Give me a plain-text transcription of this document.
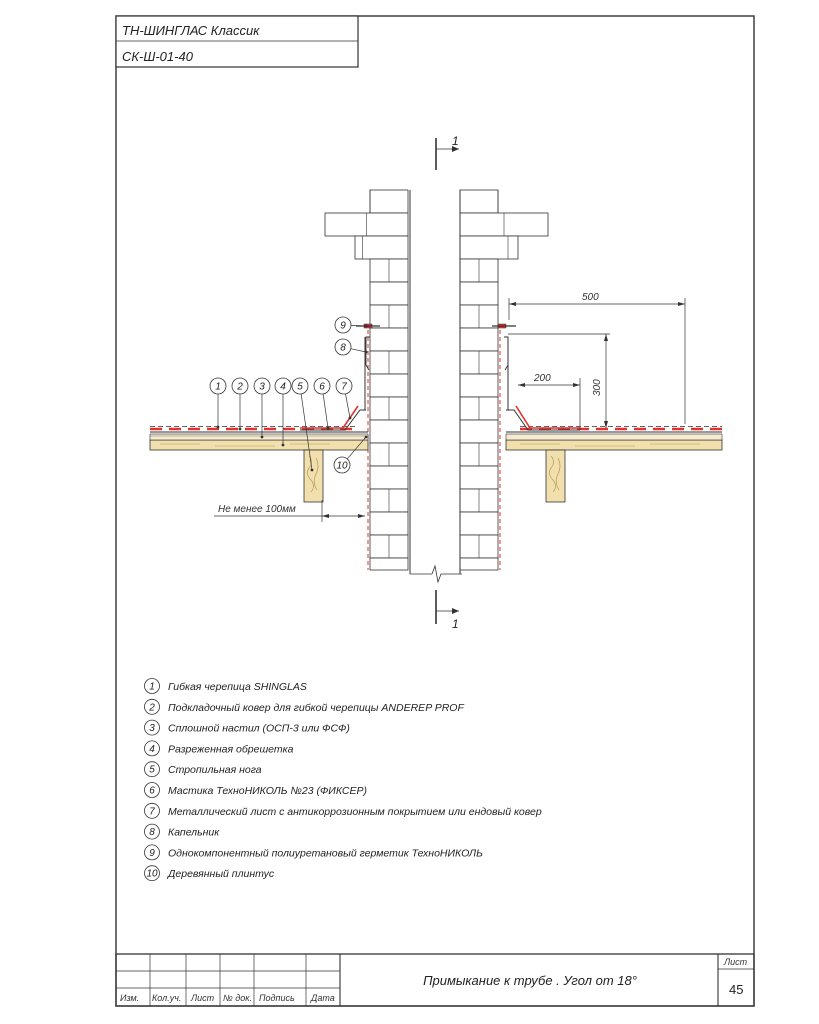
ТН-ШИНГЛАС Классик
СК-Ш-01-40
1
1
500
300
200
Не менее 100мм
1 2 3 4 5 6 7
8
9
10
1 Гибкая черепица SHINGLAS
2 Подкладочный ковер для гибкой черепицы ANDEREP PROF
3 Сплошной настил (ОСП-3 или ФСФ)
4 Разреженная обрешетка
5 Стропильная нога
6 Мастика ТехноНИКОЛЬ №23 (ФИКСЕР)
7 Металлический лист с антикоррозионным покрытием или ендовый ковер
8 Капельник
9 Однокомпонентный полиуретановый герметик ТехноНИКОЛЬ
10 Деревянный плинтус
Изм. Кол.уч. Лист № док. Подпись Дата
Примыкание к трубе . Угол от 18°
Лист
45
